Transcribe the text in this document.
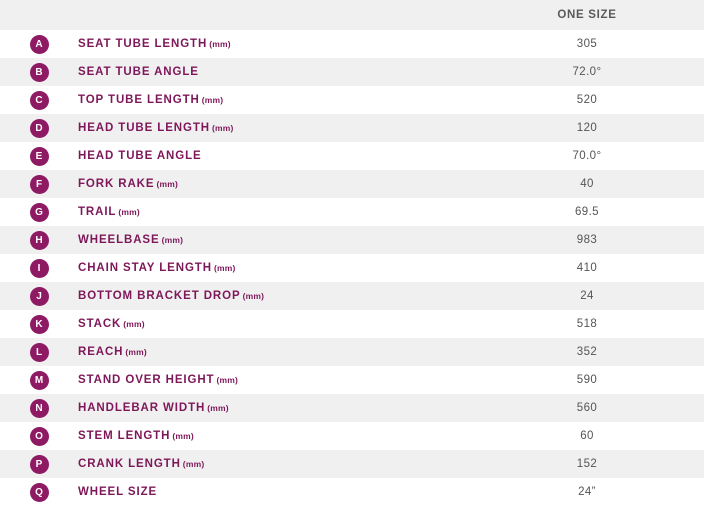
		ONE SIZE
A	SEAT TUBE LENGTH (mm)	305
B	SEAT TUBE ANGLE	72.0°
C	TOP TUBE LENGTH (mm)	520
D	HEAD TUBE LENGTH (mm)	120
E	HEAD TUBE ANGLE	70.0°
F	FORK RAKE (mm)	40
G	TRAIL (mm)	69.5
H	WHEELBASE (mm)	983
I	CHAIN STAY LENGTH (mm)	410
J	BOTTOM BRACKET DROP (mm)	24
K	STACK (mm)	518
L	REACH (mm)	352
M	STAND OVER HEIGHT (mm)	590
N	HANDLEBAR WIDTH (mm)	560
O	STEM LENGTH (mm)	60
P	CRANK LENGTH (mm)	152
Q	WHEEL SIZE	24”
